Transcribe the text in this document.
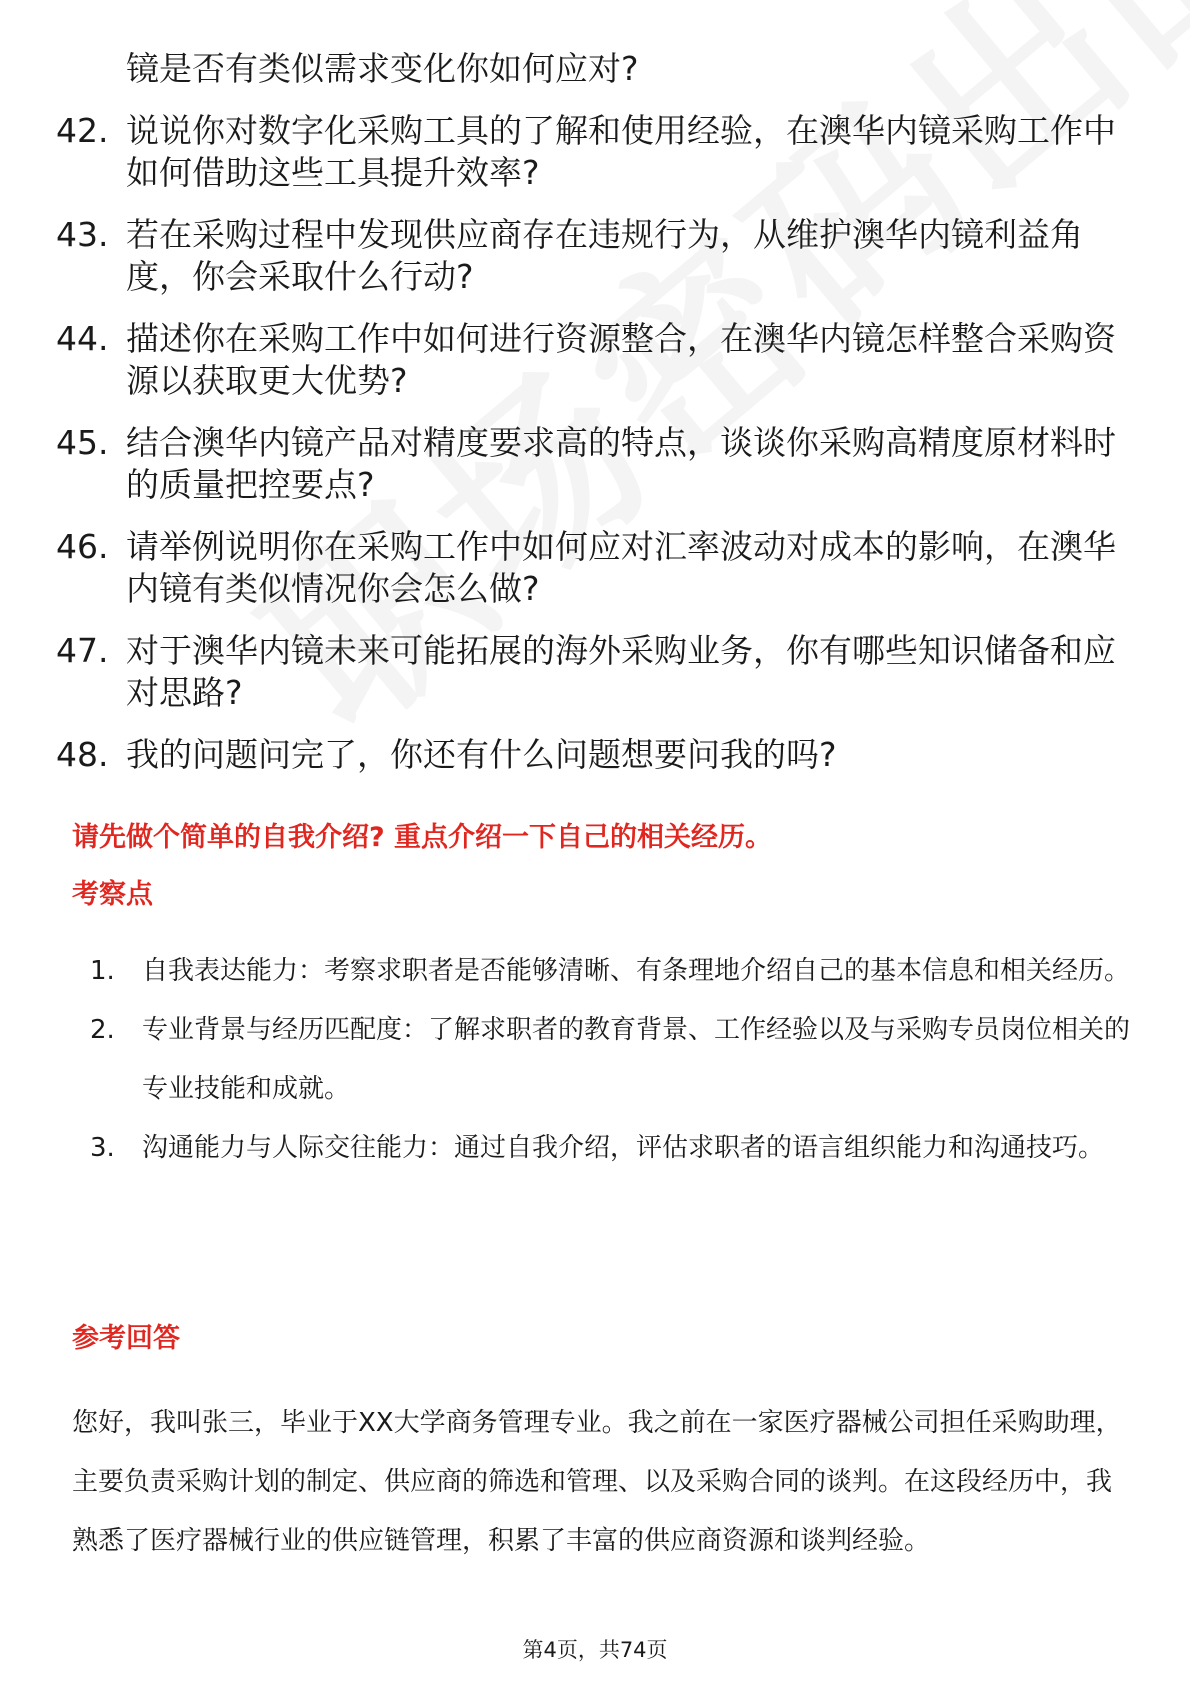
镜是否有类似需求变化你如何应对?
42. 说说你对数字化采购工具的了解和使用经验，在澳华内镜采购工作中如何借助这些工具提升效率?
43. 若在采购过程中发现供应商存在违规行为，从维护澳华内镜利益角度，你会采取什么行动?
44. 描述你在采购工作中如何进行资源整合，在澳华内镜怎样整合采购资源以获取更大优势?
45. 结合澳华内镜产品对精度要求高的特点，谈谈你采购高精度原材料时的质量把控要点?
46. 请举例说明你在采购工作中如何应对汇率波动对成本的影响，在澳华内镜有类似情况你会怎么做?
47. 对于澳华内镜未来可能拓展的海外采购业务，你有哪些知识储备和应对思路?
48. 我的问题问完了，你还有什么问题想要问我的吗?
请先做个简单的自我介绍? 重点介绍一下自己的相关经历。
考察点
1.	自我表达能力：考察求职者是否能够清晰、有条理地介绍自己的基本信息和相关经历。
2.	专业背景与经历匹配度：了解求职者的教育背景、工作经验以及与采购专员岗位相关的专业技能和成就。
3.	沟通能力与人际交往能力：通过自我介绍，评估求职者的语言组织能力和沟通技巧。
参考回答
您好，我叫张三，毕业于XX大学商务管理专业。我之前在一家医疗器械公司担任采购助理，主要负责采购计划的制定、供应商的筛选和管理、以及采购合同的谈判。在这段经历中，我熟悉了医疗器械行业的供应链管理，积累了丰富的供应商资源和谈判经验。
第4页，共74页
